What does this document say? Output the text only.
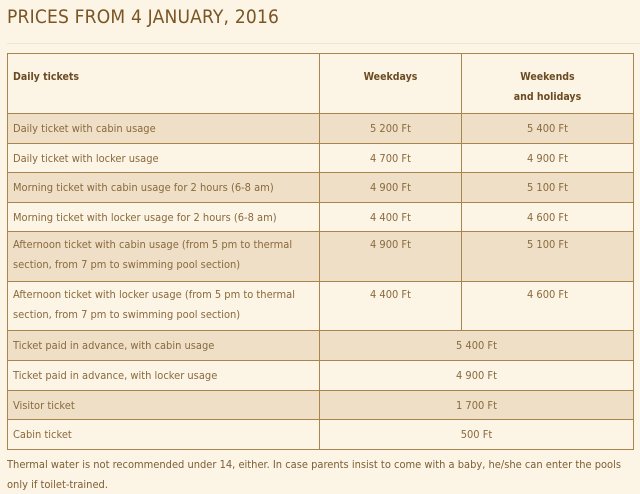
PRICES FROM 4 JANUARY, 2016
Daily tickets	Weekdays	Weekends
and holidays
Daily ticket with cabin usage	5 200 Ft	5 400 Ft
Daily ticket with locker usage	4 700 Ft	4 900 Ft
Morning ticket with cabin usage for 2 hours (6-8 am)	4 900 Ft	5 100 Ft
Morning ticket with locker usage for 2 hours (6-8 am)	4 400 Ft	4 600 Ft
Afternoon ticket with cabin usage (from 5 pm to thermal section, from 7 pm to swimming pool section)	4 900 Ft	5 100 Ft
Afternoon ticket with locker usage (from 5 pm to thermal section, from 7 pm to swimming pool section)	4 400 Ft	4 600 Ft
Ticket paid in advance, with cabin usage	5 400 Ft	
Ticket paid in advance, with locker usage	4 900 Ft	
Visitor ticket	1 700 Ft	
Cabin ticket	500 Ft	
Thermal water is not recommended under 14, either. In case parents insist to come with a baby, he/she can enter the pools only if toilet-trained.
